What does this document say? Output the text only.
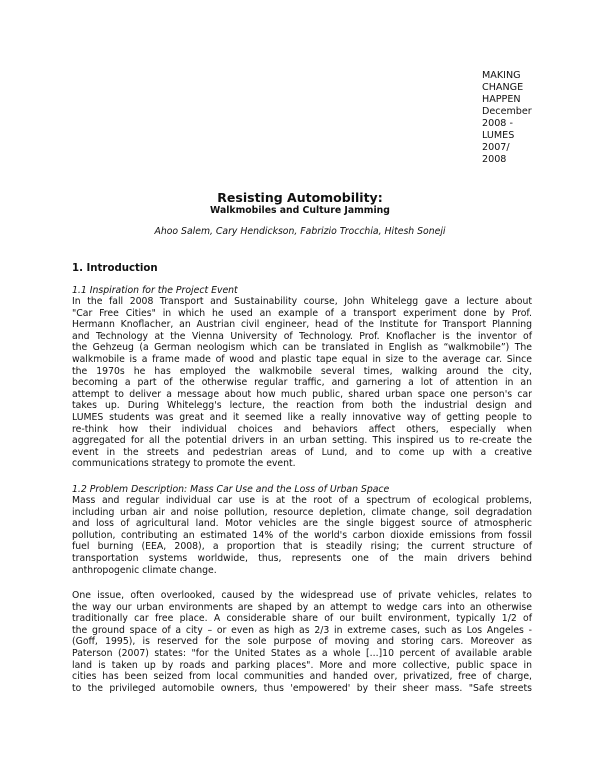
MAKING
CHANGE
HAPPEN
December
2008 -
LUMES
2007/
2008
Resisting Automobility:
Walkmobiles and Culture Jamming
Ahoo Salem, Cary Hendickson, Fabrizio Trocchia, Hitesh Soneji
1. Introduction
1.1 Inspiration for the Project Event
In the fall 2008 Transport and Sustainability course, John Whitelegg gave a lecture about
"Car Free Cities" in which he used an example of a transport experiment done by Prof.
Hermann Knoflacher, an Austrian civil engineer, head of the Institute for Transport Planning
and Technology at the Vienna University of Technology. Prof. Knoflacher is the inventor of
the Gehzeug (a German neologism which can be translated in English as “walkmobile”) The
walkmobile is a frame made of wood and plastic tape equal in size to the average car. Since
the 1970s he has employed the walkmobile several times, walking around the city,
becoming a part of the otherwise regular traffic, and garnering a lot of attention in an
attempt to deliver a message about how much public, shared urban space one person's car
takes up. During Whitelegg's lecture, the reaction from both the industrial design and
LUMES students was great and it seemed like a really innovative way of getting people to
re-think how their individual choices and behaviors affect others, especially when
aggregated for all the potential drivers in an urban setting. This inspired us to re-create the
event in the streets and pedestrian areas of Lund, and to come up with a creative
communications strategy to promote the event.
1.2 Problem Description: Mass Car Use and the Loss of Urban Space
Mass and regular individual car use is at the root of a spectrum of ecological problems,
including urban air and noise pollution, resource depletion, climate change, soil degradation
and loss of agricultural land. Motor vehicles are the single biggest source of atmospheric
pollution, contributing an estimated 14% of the world's carbon dioxide emissions from fossil
fuel burning (EEA, 2008), a proportion that is steadily rising; the current structure of
transportation systems worldwide, thus, represents one of the main drivers behind
anthropogenic climate change.
One issue, often overlooked, caused by the widespread use of private vehicles, relates to
the way our urban environments are shaped by an attempt to wedge cars into an otherwise
traditionally car free place. A considerable share of our built environment, typically 1/2 of
the ground space of a city – or even as high as 2/3 in extreme cases, such as Los Angeles -
(Goff, 1995), is reserved for the sole purpose of moving and storing cars. Moreover as
Paterson (2007) states: "for the United States as a whole [...]10 percent of available arable
land is taken up by roads and parking places". More and more collective, public space in
cities has been seized from local communities and handed over, privatized, free of charge,
to the privileged automobile owners, thus 'empowered' by their sheer mass. "Safe streets
